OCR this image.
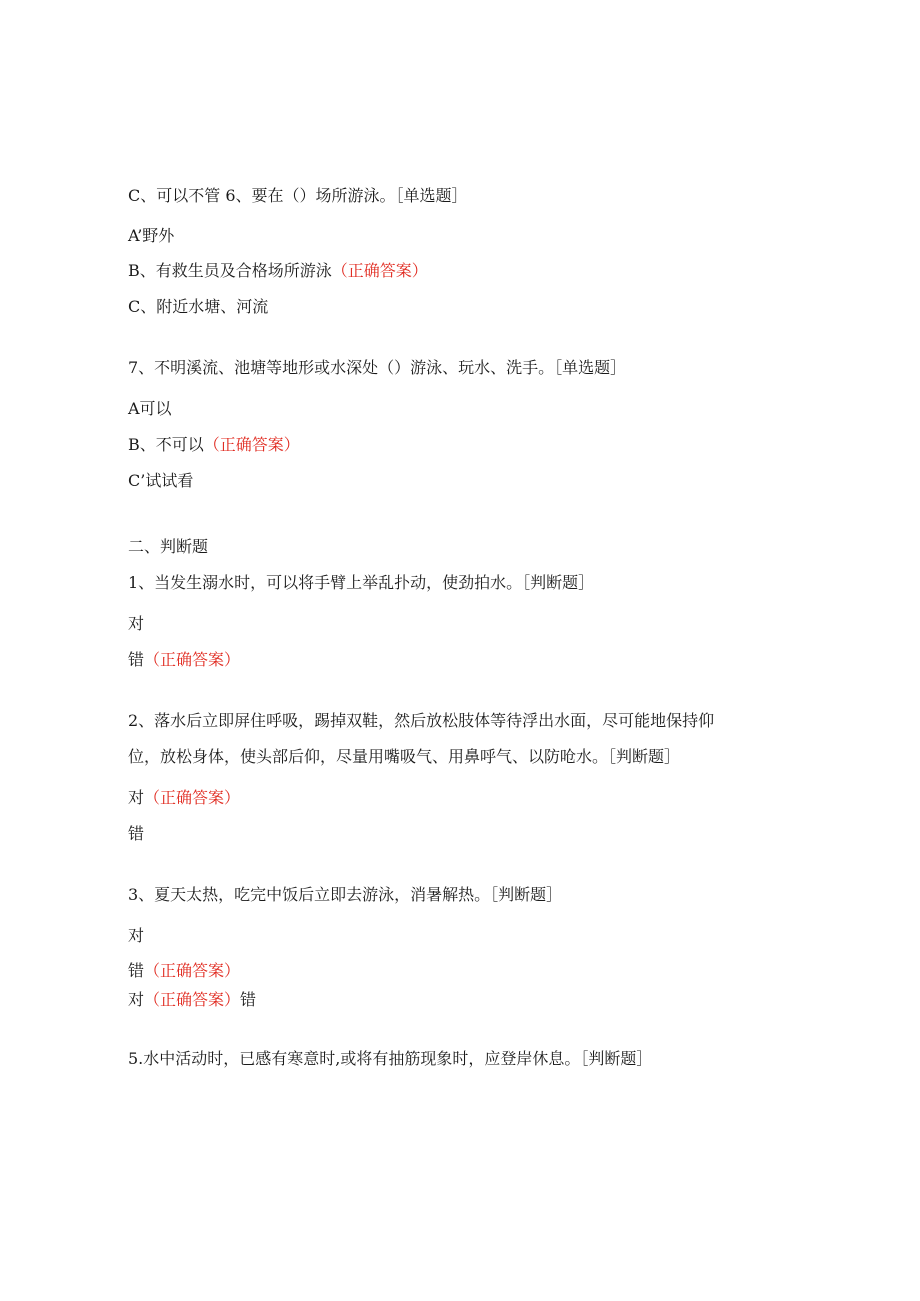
C、可以不管 6、要在（）场所游泳。［单选题］
A’野外
B、有救生员及合格场所游泳（正确答案）
C、附近水塘、河流
7、不明溪流、池塘等地形或水深处（）游泳、玩水、洗手。［单选题］
A可以
B、不可以（正确答案）
C’试试看
二、判断题
1、当发生溺水时，可以将手臂上举乱扑动，使劲拍水。［判断题］
对
错（正确答案）
2、落水后立即屏住呼吸，踢掉双鞋，然后放松肢体等待浮出水面，尽可能地保持仰
位，放松身体，使头部后仰，尽量用嘴吸气、用鼻呼气、以防呛水。［判断题］
对（正确答案）
错
3、夏天太热，吃完中饭后立即去游泳，消暑解热。［判断题］
对
错（正确答案）
对（正确答案）错
5.水中活动时，已感有寒意时,或将有抽筋现象时，应登岸休息。［判断题］
